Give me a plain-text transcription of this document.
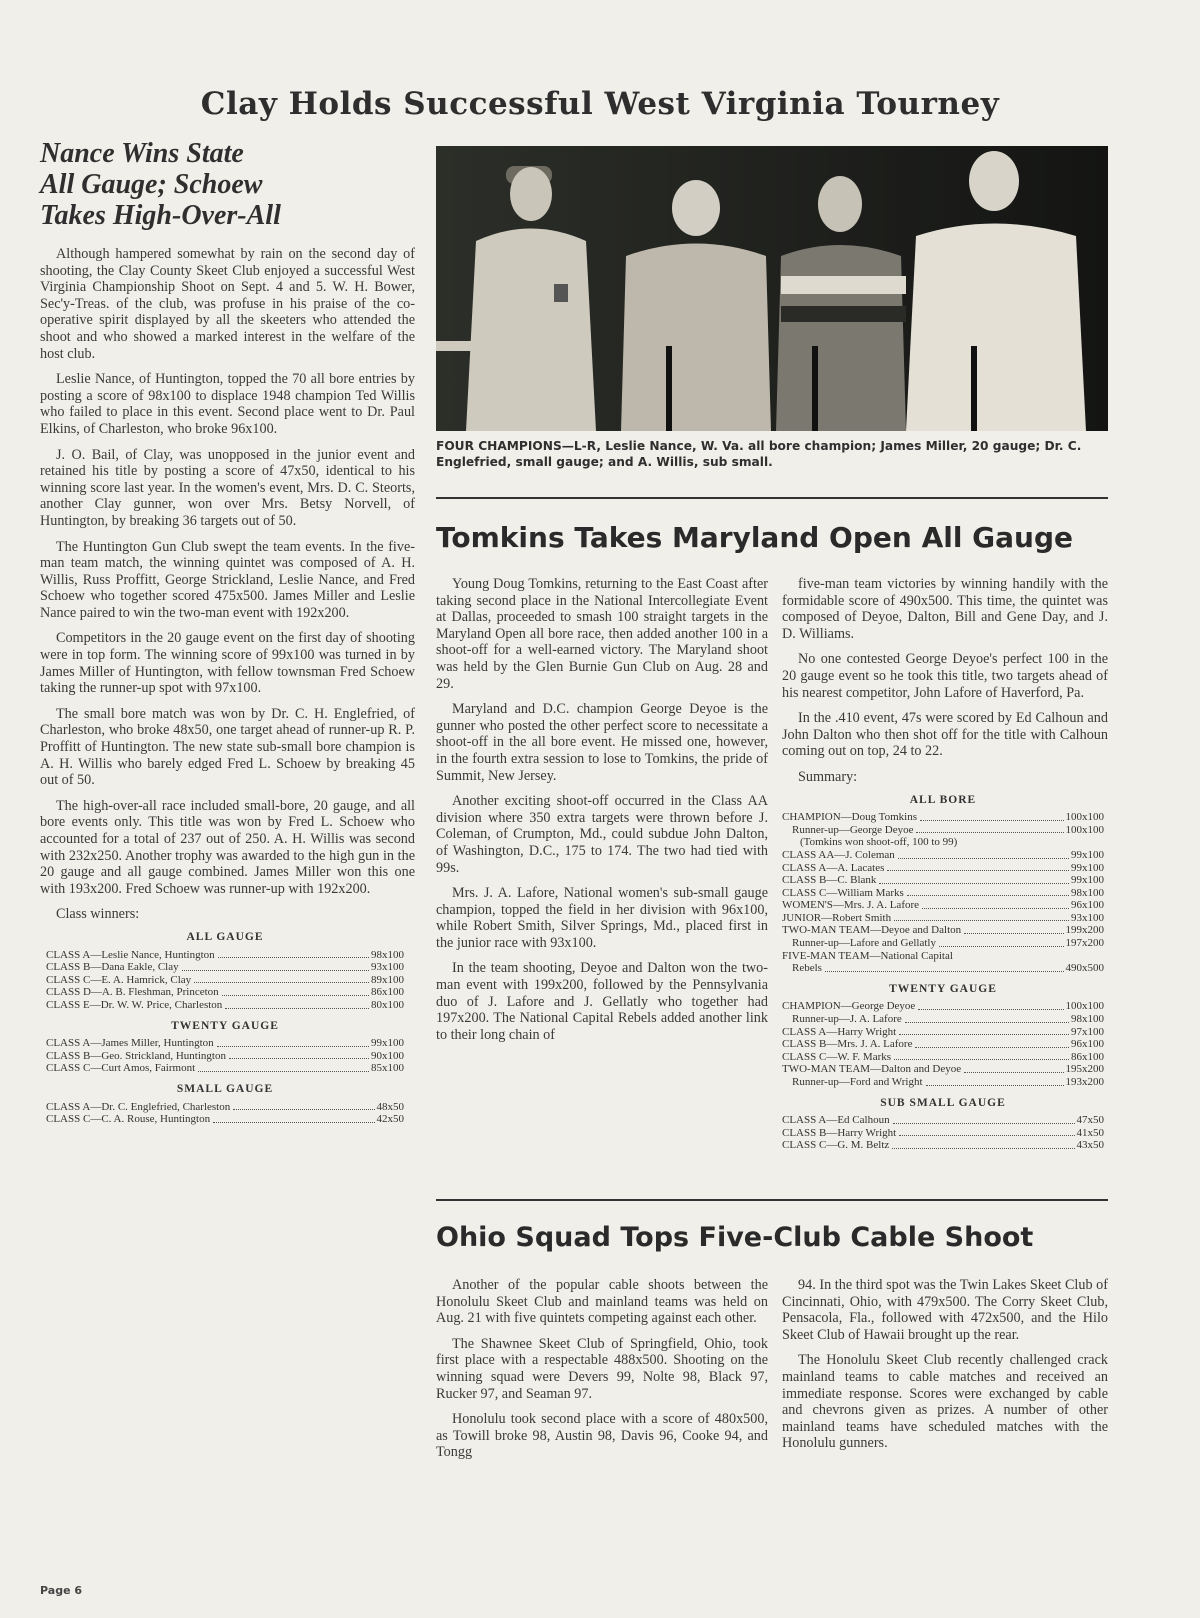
Clay Holds Successful West Virginia Tourney
Nance Wins State
All Gauge; Schoew
Takes High-Over-All

Although hampered somewhat by rain on the second day of shooting, the Clay County Skeet Club enjoyed a successful West Virginia Championship Shoot on Sept. 4 and 5. W. H. Bower, Sec'y-Treas. of the club, was profuse in his praise of the co-operative spirit displayed by all the skeeters who attended the shoot and who showed a marked interest in the welfare of the host club.

Leslie Nance, of Huntington, topped the 70 all bore entries by posting a score of 98x100 to displace 1948 champion Ted Willis who failed to place in this event. Second place went to Dr. Paul Elkins, of Charleston, who broke 96x100.

J. O. Bail, of Clay, was unopposed in the junior event and retained his title by posting a score of 47x50, identical to his winning score last year. In the women's event, Mrs. D. C. Steorts, another Clay gunner, won over Mrs. Betsy Norvell, of Huntington, by breaking 36 targets out of 50.

The Huntington Gun Club swept the team events. In the five-man team match, the winning quintet was composed of A. H. Willis, Russ Proffitt, George Strickland, Leslie Nance, and Fred Schoew who together scored 475x500. James Miller and Leslie Nance paired to win the two-man event with 192x200.

Competitors in the 20 gauge event on the first day of shooting were in top form. The winning score of 99x100 was turned in by James Miller of Huntington, with fellow townsman Fred Schoew taking the runner-up spot with 97x100.

The small bore match was won by Dr. C. H. Englefried, of Charleston, who broke 48x50, one target ahead of runner-up R. P. Proffitt of Huntington. The new state sub-small bore champion is A. H. Willis who barely edged Fred L. Schoew by breaking 45 out of 50.

The high-over-all race included small-bore, 20 gauge, and all bore events only. This title was won by Fred L. Schoew who accounted for a total of 237 out of 250. A. H. Willis was second with 232x250. Another trophy was awarded to the high gun in the 20 gauge and all gauge combined. James Miller won this one with 193x200. Fred Schoew was runner-up with 192x200.

Class winners:

ALL GAUGE
CLASS A—Leslie Nance, Huntington	98x100
CLASS B—Dana Eakle, Clay	93x100
CLASS C—E. A. Hamrick, Clay	89x100
CLASS D—A. B. Fleshman, Princeton	86x100
CLASS E—Dr. W. W. Price, Charleston	80x100
TWENTY GAUGE
CLASS A—James Miller, Huntington	99x100
CLASS B—Geo. Strickland, Huntington	90x100
CLASS C—Curt Amos, Fairmont	85x100
SMALL GAUGE
CLASS A—Dr. C. Englefried, Charleston	48x50
CLASS C—C. A. Rouse, Huntington	42x50
FOUR CHAMPIONS—L-R, Leslie Nance, W. Va. all bore champion; James Miller, 20 gauge; Dr. C. Englefried, small gauge; and A. Willis, sub small.
Tomkins Takes Maryland Open All Gauge

Young Doug Tomkins, returning to the East Coast after taking second place in the National Intercollegiate Event at Dallas, proceeded to smash 100 straight targets in the Maryland Open all bore race, then added another 100 in a shoot-off for a well-earned victory. The Maryland shoot was held by the Glen Burnie Gun Club on Aug. 28 and 29.

Maryland and D.C. champion George Deyoe is the gunner who posted the other perfect score to necessitate a shoot-off in the all bore event. He missed one, however, in the fourth extra session to lose to Tomkins, the pride of Summit, New Jersey.

Another exciting shoot-off occurred in the Class AA division where 350 extra targets were thrown before J. Coleman, of Crumpton, Md., could subdue John Dalton, of Washington, D.C., 175 to 174. The two had tied with 99s.

Mrs. J. A. Lafore, National women's sub-small gauge champion, topped the field in her division with 96x100, while Robert Smith, Silver Springs, Md., placed first in the junior race with 93x100.

In the team shooting, Deyoe and Dalton won the two-man event with 199x200, followed by the Pennsylvania duo of J. Lafore and J. Gellatly who together had 197x200. The National Capital Rebels added another link to their long chain of

five-man team victories by winning handily with the formidable score of 490x500. This time, the quintet was composed of Deyoe, Dalton, Bill and Gene Day, and J. D. Williams.

No one contested George Deyoe's perfect 100 in the 20 gauge event so he took this title, two targets ahead of his nearest competitor, John Lafore of Haverford, Pa.

In the .410 event, 47s were scored by Ed Calhoun and John Dalton who then shot off for the title with Calhoun coming out on top, 24 to 22.

Summary:

ALL BORE
CHAMPION—Doug Tomkins	100x100
Runner-up—George Deyoe	100x100
(Tomkins won shoot-off, 100 to 99)
CLASS AA—J. Coleman	99x100
CLASS A—A. Lacates	99x100
CLASS B—C. Blank	99x100
CLASS C—William Marks	98x100
WOMEN'S—Mrs. J. A. Lafore	96x100
JUNIOR—Robert Smith	93x100
TWO-MAN TEAM—Deyoe and Dalton	199x200
Runner-up—Lafore and Gellatly	197x200
FIVE-MAN TEAM—National Capital
Rebels	490x500
TWENTY GAUGE
CHAMPION—George Deyoe	100x100
Runner-up—J. A. Lafore	98x100
CLASS A—Harry Wright	97x100
CLASS B—Mrs. J. A. Lafore	96x100
CLASS C—W. F. Marks	86x100
TWO-MAN TEAM—Dalton and Deyoe	195x200
Runner-up—Ford and Wright	193x200
SUB SMALL GAUGE
CLASS A—Ed Calhoun	47x50
CLASS B—Harry Wright	41x50
CLASS C—G. M. Beltz	43x50
Ohio Squad Tops Five-Club Cable Shoot

Another of the popular cable shoots between the Honolulu Skeet Club and mainland teams was held on Aug. 21 with five quintets competing against each other.

The Shawnee Skeet Club of Springfield, Ohio, took first place with a respectable 488x500. Shooting on the winning squad were Devers 99, Nolte 98, Black 97, Rucker 97, and Seaman 97.

Honolulu took second place with a score of 480x500, as Towill broke 98, Austin 98, Davis 96, Cooke 94, and Tongg

94. In the third spot was the Twin Lakes Skeet Club of Cincinnati, Ohio, with 479x500. The Corry Skeet Club, Pensacola, Fla., followed with 472x500, and the Hilo Skeet Club of Hawaii brought up the rear.

The Honolulu Skeet Club recently challenged crack mainland teams to cable matches and received an immediate response. Scores were exchanged by cable and chevrons given as prizes. A number of other mainland teams have scheduled matches with the Honolulu gunners.

Page 6
